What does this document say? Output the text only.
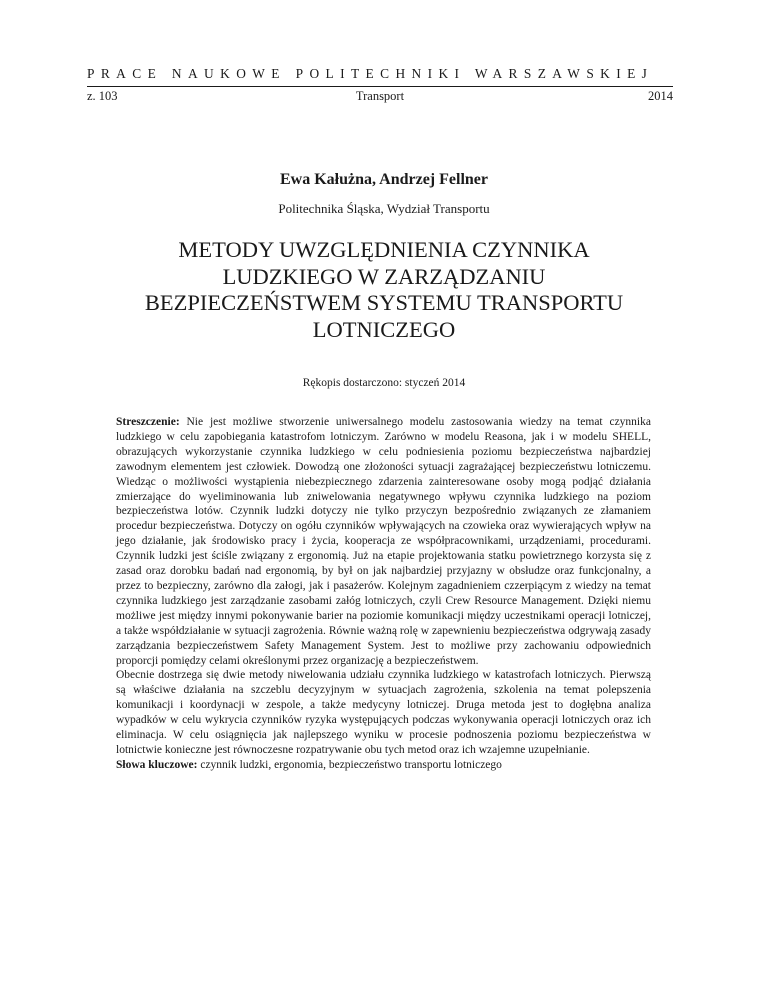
PRACE NAUKOWE POLITECHNIKI WARSZAWSKIEJ
z. 103	Transport	2014
Ewa Kałużna, Andrzej Fellner
Politechnika Śląska, Wydział Transportu
METODY UWZGLĘDNIENIA CZYNNIKA
LUDZKIEGO W ZARZĄDZANIU
BEZPIECZEŃSTWEM SYSTEMU TRANSPORTU
LOTNICZEGO
Rękopis dostarczono: styczeń 2014

Streszczenie: Nie jest możliwe stworzenie uniwersalnego modelu zastosowania wiedzy na temat czynnika ludzkiego w celu zapobiegania katastrofom lotniczym. Zarówno w modelu Reasona, jak i w modelu SHELL, obrazujących wykorzystanie czynnika ludzkiego w celu podniesienia poziomu bezpieczeństwa najbardziej zawodnym elementem jest człowiek. Dowodzą one złożoności sytuacji zagrażającej bezpieczeństwu lotniczemu. Wiedząc o możliwości wystąpienia niebezpiecznego zdarzenia zainteresowane osoby mogą podjąć działania zmierzające do wyeliminowania lub zniwelowania negatywnego wpływu czynnika ludzkiego na poziom bezpieczeństwa lotów. Czynnik ludzki dotyczy nie tylko przyczyn bezpośrednio związanych ze złamaniem procedur bezpieczeństwa. Dotyczy on ogółu czynników wpływających na czowieka oraz wywierających wpływ na jego działanie, jak środowisko pracy i życia, kooperacja ze współpracownikami, urządzeniami, procedurami. Czynnik ludzki jest ściśle związany z ergonomią. Już na etapie projektowania statku powietrznego korzysta się z zasad oraz dorobku badań nad ergonomią, by był on jak najbardziej przyjazny w obsłudze oraz funkcjonalny, a przez to bezpieczny, zarówno dla załogi, jak i pasażerów. Kolejnym zagadnieniem czzerpiącym z wiedzy na temat czynnika ludzkiego jest zarządzanie zasobami załóg lotniczych, czyli Crew Resource Management. Dzięki niemu możliwe jest między innymi pokonywanie barier na poziomie komunikacji między uczestnikami operacji lotniczej, a także współdziałanie w sytuacji zagrożenia. Równie ważną rolę w zapewnieniu bezpieczeństwa odgrywają zasady zarządzania bezpieczeństwem Safety Management System. Jest to możliwe przy zachowaniu odpowiednich proporcji pomiędzy celami określonymi przez organizację a bezpieczeństwem.

Obecnie dostrzega się dwie metody niwelowania udziału czynnika ludzkiego w katastrofach lotniczych. Pierwszą są właściwe działania na szczeblu decyzyjnym w sytuacjach zagrożenia, szkolenia na temat polepszenia komunikacji i koordynacji w zespole, a także medycyny lotniczej. Druga metoda jest to dogłębna analiza wypadków w celu wykrycia czynników ryzyka występujących podczas wykonywania operacji lotniczych oraz ich eliminacja. W celu osiągnięcia jak najlepszego wyniku w procesie podnoszenia poziomu bezpieczeństwa w lotnictwie konieczne jest równoczesne rozpatrywanie obu tych metod oraz ich wzajemne uzupełnianie.

Słowa kluczowe: czynnik ludzki, ergonomia, bezpieczeństwo transportu lotniczego
